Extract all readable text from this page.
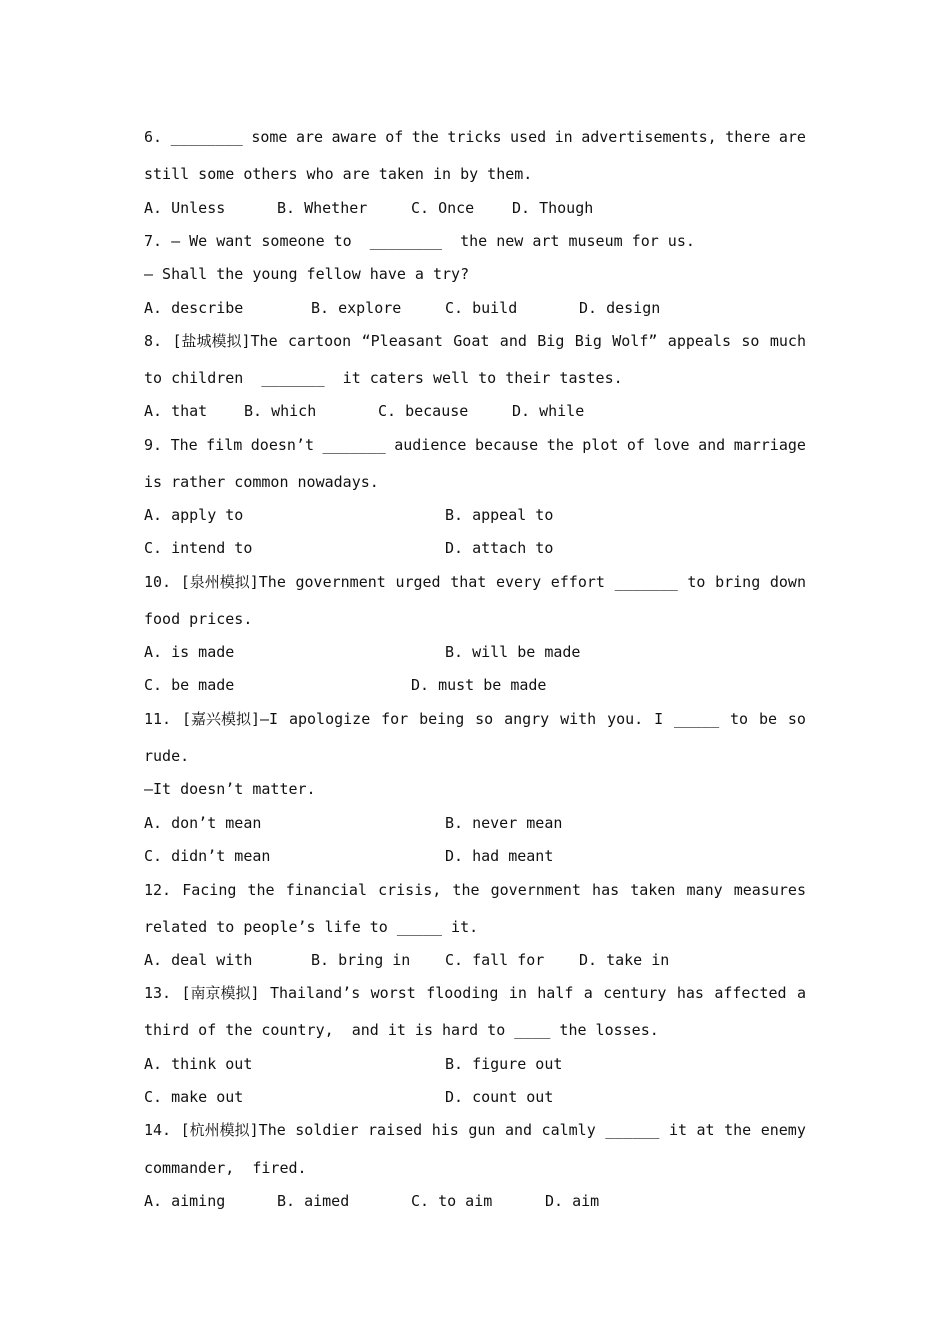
6. ________ some are aware of the tricks used in advertisements, there are
still some others who are taken in by them.
A. Unless	B. Whether	C. Once	D. Though
7. — We want someone to  ________  the new art museum for us.
— Shall the young fellow have a try?
A. describe	B. explore	C. build	D. design
8. [盐城模拟]The cartoon “Pleasant Goat and Big Big Wolf” appeals so much
to children  _______  it caters well to their tastes.
A. that B. which	C. because	D. while
9. The film doesn’t _______ audience because the plot of love and marriage
is rather common nowadays.
A. apply to	B. appeal to
C. intend to	D. attach to
10. [泉州模拟]The government urged that every effort _______ to bring down
food prices.
A. is made	B. will be made
C. be made	D. must be made
11. [嘉兴模拟]—I apologize for being so angry with you. I _____ to be so
rude.
—It doesn’t matter.
A. don’t mean	B. never mean
C. didn’t mean	D. had meant
12. Facing the financial crisis, the government has taken many measures
related to people’s life to _____ it.
A. deal with	B. bring in C. fall for D. take in
13. [南京模拟] Thailand’s worst flooding in half a century has affected a
third of the country,  and it is hard to ____ the losses.
A. think out	B. figure out
C. make out	D. count out
14. [杭州模拟]The soldier raised his gun and calmly ______ it at the enemy
commander,  fired.
A. aiming	B. aimed	C. to aim	D. aim
